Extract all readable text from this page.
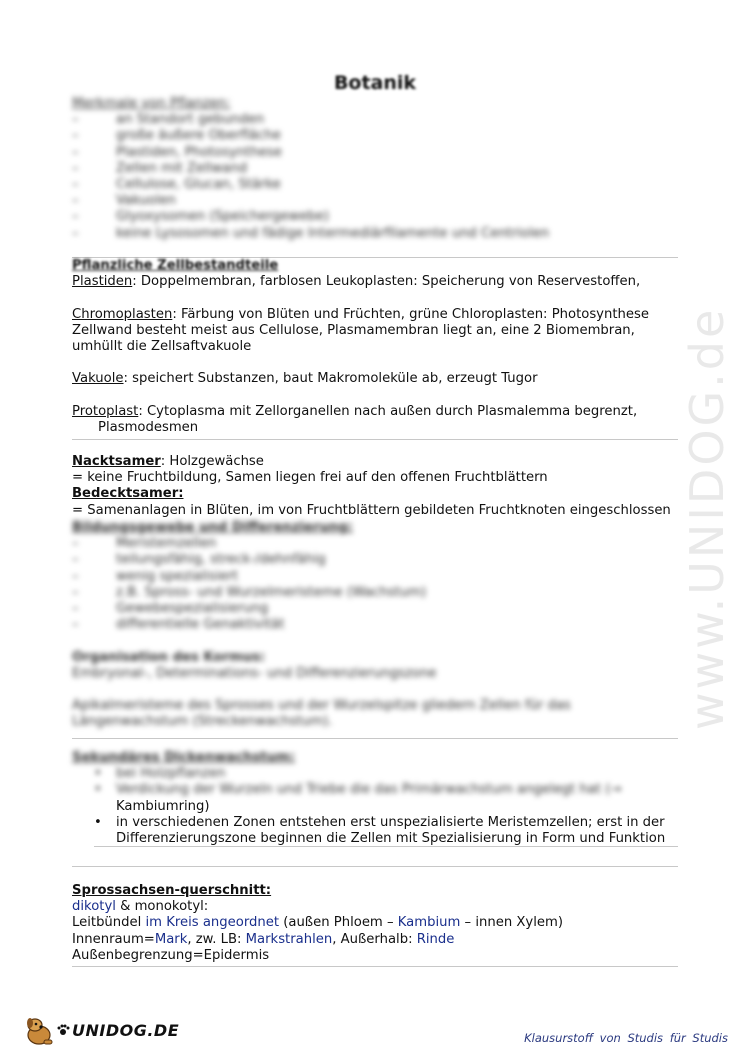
Botanik
Merkmale von Pflanzen:
–	an Standort gebunden
–	große äußere Oberfläche
–	Plastiden, Photosynthese
–	Zellen mit Zellwand
–	Cellulose, Glucan, Stärke
–	Vakuolen
–	Glyoxysomen (Speichergewebe)
–	keine Lysosomen und fädige Intermediärfilamente und Centriolen
Pflanzliche Zellbestandteile
Plastiden: Doppelmembran, farblosen Leukoplasten: Speicherung von Reservestoffen,
Chromoplasten: Färbung von Blüten und Früchten, grüne Chloroplasten: Photosynthese
Zellwand besteht meist aus Cellulose, Plasmamembran liegt an, eine 2 Biomembran,
umhüllt die Zellsaftvakuole
Vakuole: speichert Substanzen, baut Makromoleküle ab, erzeugt Tugor
Protoplast: Cytoplasma mit Zellorganellen nach außen durch Plasmalemma begrenzt,
Plasmodesmen
Nacktsamer: Holzgewächse
= keine Fruchtbildung, Samen liegen frei auf den offenen Fruchtblättern
Bedecktsamer:
= Samenanlagen in Blüten, im von Fruchtblättern gebildeten Fruchtknoten eingeschlossen
Bildungsgewebe und Differenzierung:
–	Meristemzellen
–	teilungsfähig, streck-/dehnfähig
–	wenig spezialisiert
–	z.B. Spross- und Wurzelmeristeme (Wachstum)
–	Gewebespezialisierung
–	differentielle Genaktivität
Organisation des Kormus:
Embryonal-, Determinations- und Differenzierungszone
Apikalmeristeme des Sprosses und der Wurzelspitze gliedern Zellen für das
Längenwachstum (Streckenwachstum).
Sekundäres Dickenwachstum:
•	bei Holzpflanzen
•	Verdickung der Wurzeln und Triebe die das Primärwachstum angelegt hat (→
Kambiumring)
•	in verschiedenen Zonen entstehen erst unspezialisierte Meristemzellen; erst in der Differenzierungszone beginnen die Zellen mit Spezialisierung in Form und Funktion
Sprossachsen-querschnitt:
dikotyl & monokotyl:
Leitbündel im Kreis angeordnet (außen Phloem – Kambium – innen Xylem)
Innenraum=Mark, zw. LB: Markstrahlen, Außerhalb: Rinde
Außenbegrenzung=Epidermis
www.UNIDOG.de
UNIDOG.DE	Klausurstoff von Studis für Studis
